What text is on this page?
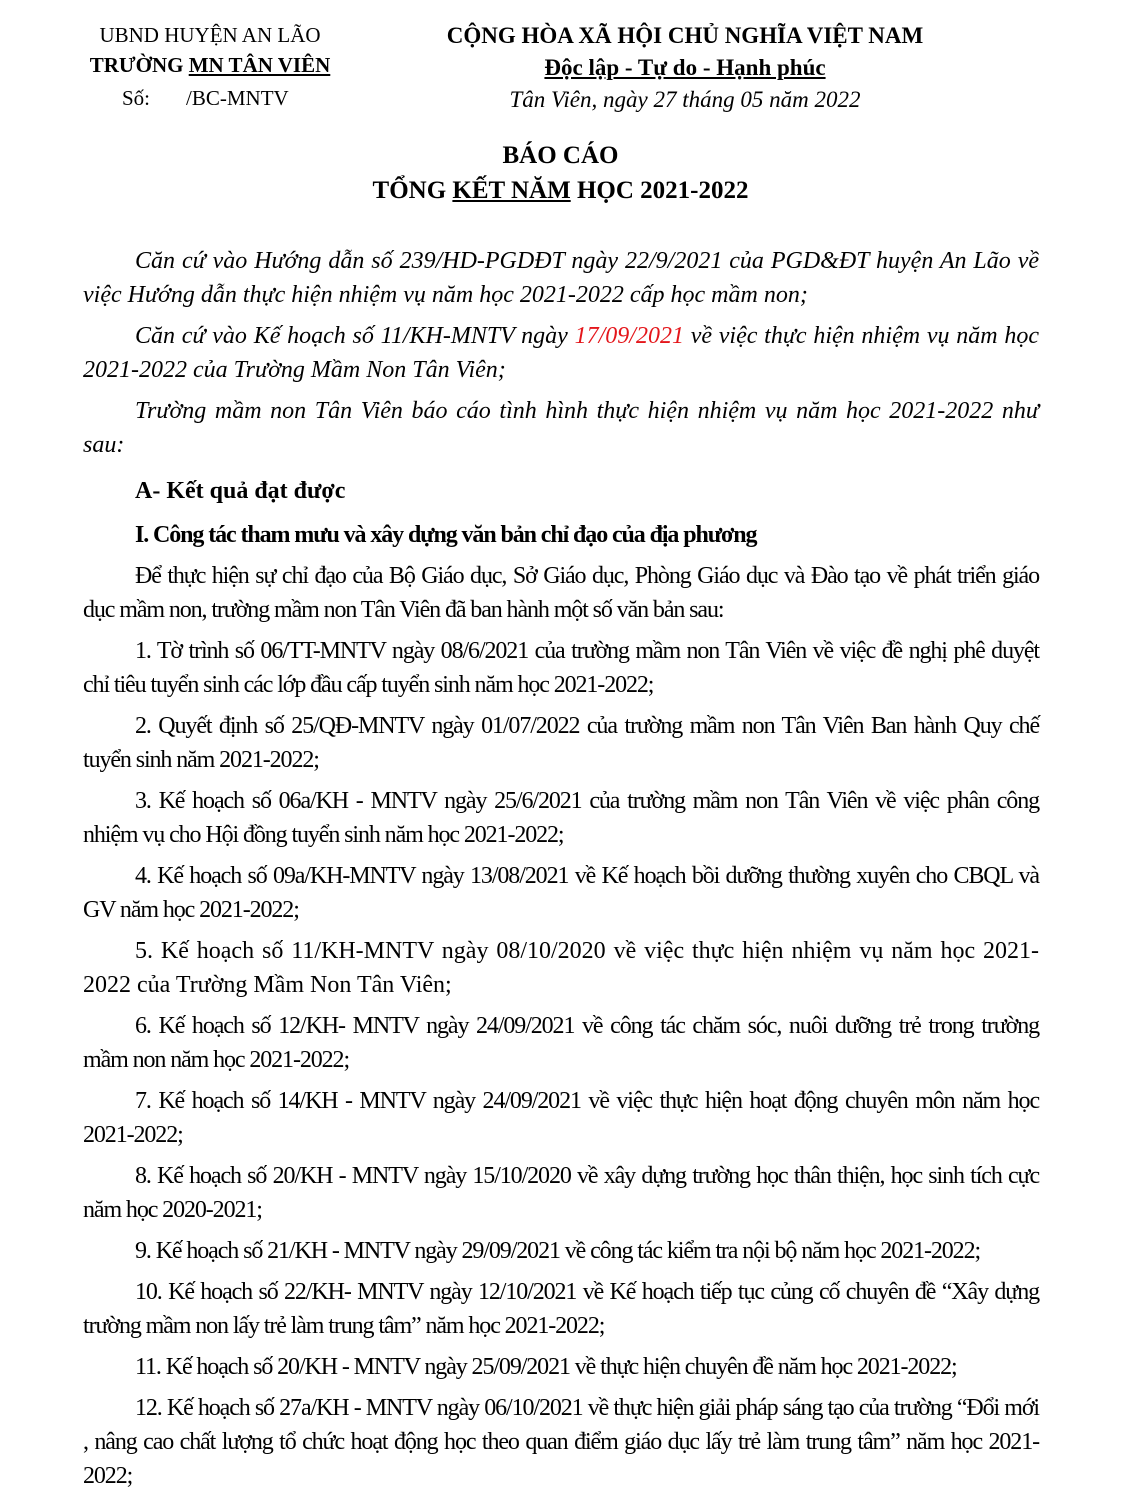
UBND HUYỆN AN LÃO
TRƯỜNG MN TÂN VIÊN
Số: /BC-MNTV
CỘNG HÒA XÃ HỘI CHỦ NGHĨA VIỆT NAM
Độc lập - Tự do - Hạnh phúc
Tân Viên, ngày 27 tháng 05 năm 2022
BÁO CÁO
TỔNG KẾT NĂM HỌC 2021-2022

Căn cứ vào Hướng dẫn số 239/HD-PGDĐT ngày 22/9/2021 của PGD&ĐT huyện An Lão về việc Hướng dẫn thực hiện nhiệm vụ năm học 2021-2022 cấp học mầm non;

Căn cứ vào Kế hoạch số 11/KH-MNTV ngày 17/09/2021 về việc thực hiện nhiệm vụ năm học 2021-2022 của Trường Mầm Non Tân Viên;

Trường mầm non Tân Viên báo cáo tình hình thực hiện nhiệm vụ năm học 2021-2022 như sau:

A- Kết quả đạt được

I. Công tác tham mưu và xây dựng văn bản chỉ đạo của địa phương

Để thực hiện sự chỉ đạo của Bộ Giáo dục, Sở Giáo dục, Phòng Giáo dục và Đào tạo về phát triển giáo dục mầm non, trường mầm non Tân Viên đã ban hành một số văn bản sau:

1. Tờ trình số 06/TT-MNTV ngày 08/6/2021 của trường mầm non Tân Viên về việc đề nghị phê duyệt chỉ tiêu tuyển sinh các lớp đầu cấp tuyển sinh năm học 2021-2022;

2. Quyết định số 25/QĐ-MNTV ngày 01/07/2022 của trường mầm non Tân Viên Ban hành Quy chế tuyển sinh năm 2021-2022;

3. Kế hoạch số 06a/KH - MNTV ngày 25/6/2021 của trường mầm non Tân Viên về việc phân công nhiệm vụ cho Hội đồng tuyển sinh năm học 2021-2022;

4. Kế hoạch số 09a/KH-MNTV ngày 13/08/2021 về Kế hoạch bồi dưỡng thường xuyên cho CBQL và GV năm học 2021-2022;

5. Kế hoạch số 11/KH-MNTV ngày 08/10/2020 về việc thực hiện nhiệm vụ năm học 2021-2022 của Trường Mầm Non Tân Viên;

6. Kế hoạch số 12/KH- MNTV ngày 24/09/2021 về công tác chăm sóc, nuôi dưỡng trẻ trong trường mầm non năm học 2021-2022;

7. Kế hoạch số 14/KH - MNTV ngày 24/09/2021 về việc thực hiện hoạt động chuyên môn năm học 2021-2022;

8. Kế hoạch số 20/KH - MNTV ngày 15/10/2020 về xây dựng trường học thân thiện, học sinh tích cực năm học 2020-2021;

9. Kế hoạch số 21/KH - MNTV ngày 29/09/2021 về công tác kiểm tra nội bộ năm học 2021-2022;

10. Kế hoạch số 22/KH- MNTV ngày 12/10/2021 về Kế hoạch tiếp tục củng cố chuyên đề “Xây dựng trường mầm non lấy trẻ làm trung tâm” năm học 2021-2022;

11. Kế hoạch số 20/KH - MNTV ngày 25/09/2021 về thực hiện chuyên đề năm học 2021-2022;

12. Kế hoạch số 27a/KH - MNTV ngày 06/10/2021 về thực hiện giải pháp sáng tạo của trường “Đổi mới , nâng cao chất lượng tổ chức hoạt động học theo quan điểm giáo dục lấy trẻ làm trung tâm” năm học 2021-2022;
